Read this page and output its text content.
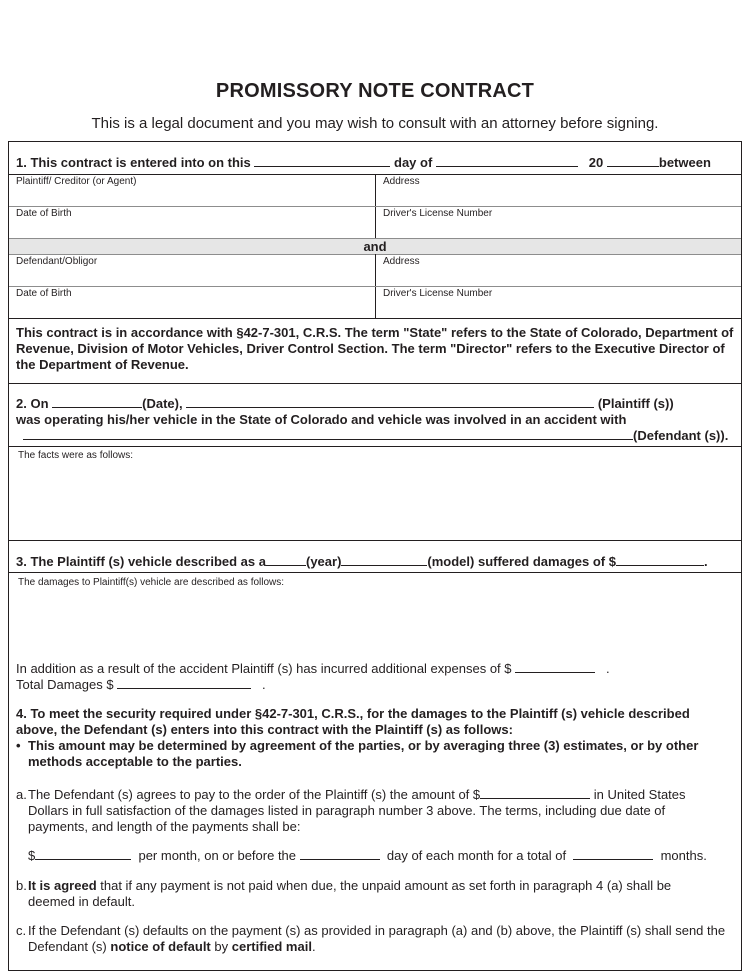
PROMISSORY NOTE CONTRACT
This is a legal document and you may wish to consult with an attorney before signing.
1. This contract is entered into on this	day of	20	between
Plaintiff/ Creditor (or Agent)	Address
Date of Birth	Driver's License Number
and
Defendant/Obligor	Address
Date of Birth	Driver's License Number
This contract is in accordance with §42-7-301, C.R.S. The term "State" refers to the State of Colorado, Department of Revenue, Division of Motor Vehicles, Driver Control Section. The term "Director" refers to the Executive Director of the Department of Revenue.
2. On	(Date),	(Plaintiff (s))
was operating his/her vehicle in the State of Colorado and vehicle was involved in an accident with
(Defendant (s)).
The facts were as follows:
3. The Plaintiff (s) vehicle described as a	(year)	(model) suffered damages of $	.
The damages to Plaintiff(s) vehicle are described as follows:
In addition as a result of the accident Plaintiff (s) has incurred additional expenses of $	.
Total Damages $	.
4. To meet the security required under §42-7-301, C.R.S., for the damages to the Plaintiff (s) vehicle described above, the Defendant (s) enters into this contract with the Plaintiff (s) as follows:
• This amount may be determined by agreement of the parties, or by averaging three (3) estimates, or by other methods acceptable to the parties.
a. The Defendant (s) agrees to pay to the order of the Plaintiff (s) the amount of $	in United States
Dollars in full satisfaction of the damages listed in paragraph number 3 above. The terms, including due date of
payments, and length of the payments shall be:
$	per month, on or before the	day of each month for a total of	months.
b. It is agreed that if any payment is not paid when due, the unpaid amount as set forth in paragraph 4 (a) shall be deemed in default.
c. If the Defendant (s) defaults on the payment (s) as provided in paragraph (a) and (b) above, the Plaintiff (s) shall send the Defendant (s) notice of default by certified mail.
